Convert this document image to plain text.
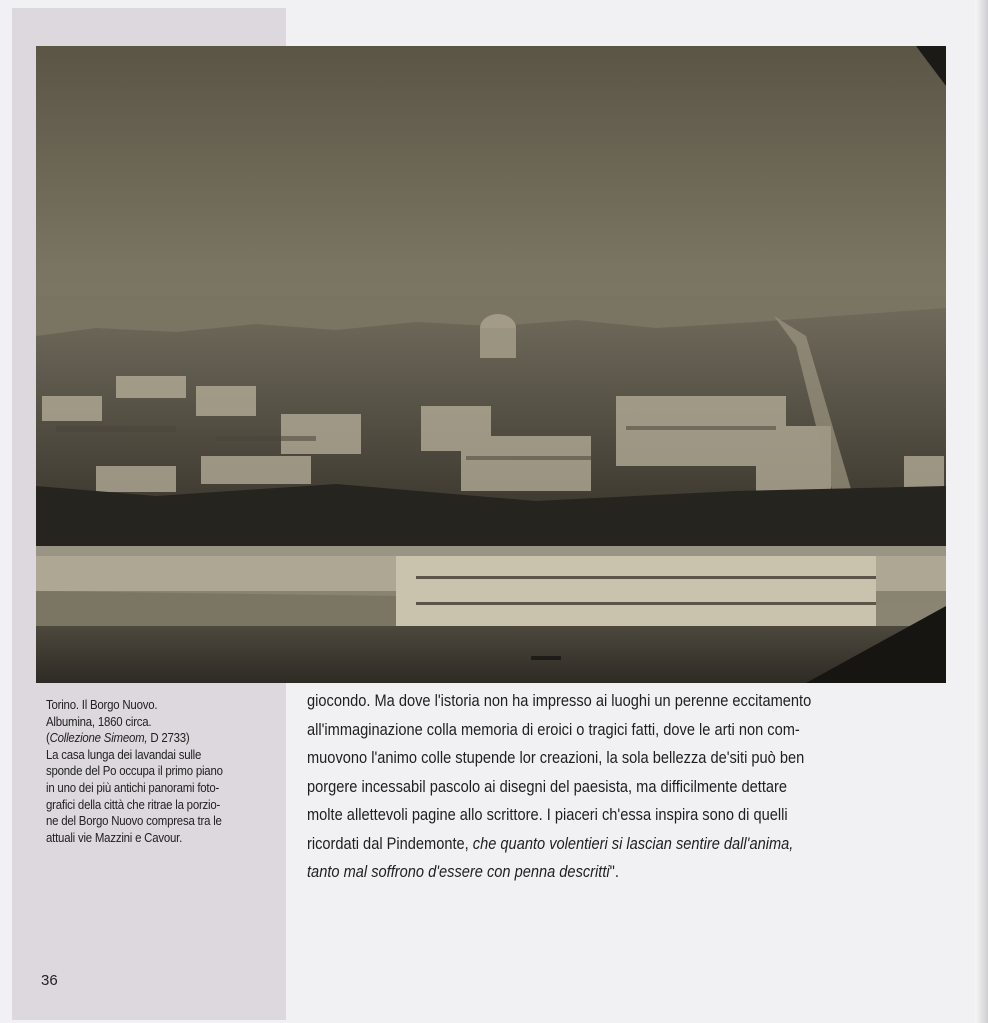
Torino. Il Borgo Nuovo.
Albumina, 1860 circa.
(Collezione Simeom, D 2733)
La casa lunga dei lavandai sulle
sponde del Po occupa il primo piano
in uno dei più antichi panorami foto-
grafici della città che ritrae la porzio-
ne del Borgo Nuovo compresa tra le
attuali vie Mazzini e Cavour.
giocondo. Ma dove l'istoria non ha impresso ai luoghi un perenne eccitamento
all'immaginazione colla memoria di eroici o tragici fatti, dove le arti non com-
muovono l'animo colle stupende lor creazioni, la sola bellezza de'siti può ben
porgere incessabil pascolo ai disegni del paesista, ma difficilmente dettare
molte allettevoli pagine allo scrittore. I piaceri ch'essa inspira sono di quelli
ricordati dal Pindemonte, che quanto volentieri si lascian sentire dall'anima,
tanto mal soffrono d'essere con penna descritti".
36
